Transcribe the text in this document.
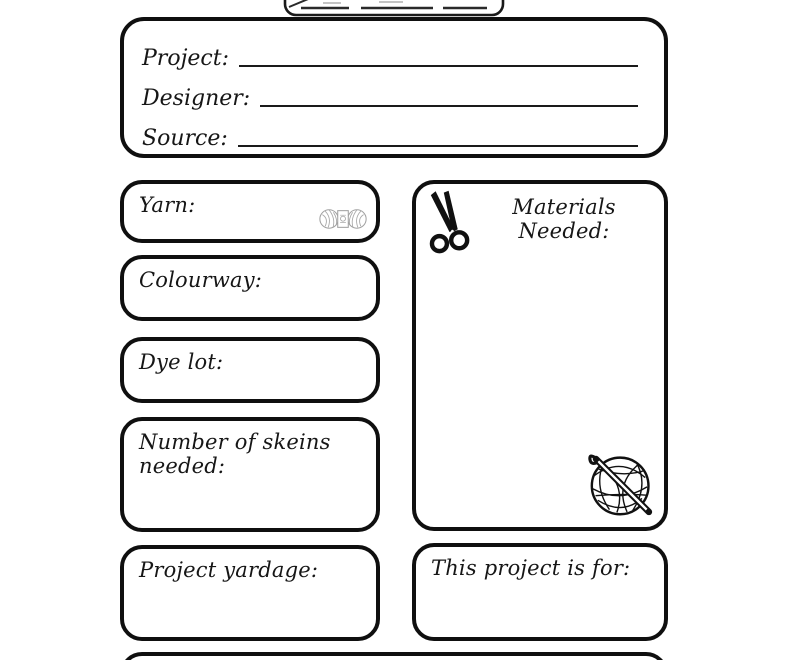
Project:
Designer:
Source:
Yarn:
Colourway:
Dye lot:
Number of skeins needed:
Project yardage:
Materials Needed:
This project is for:
